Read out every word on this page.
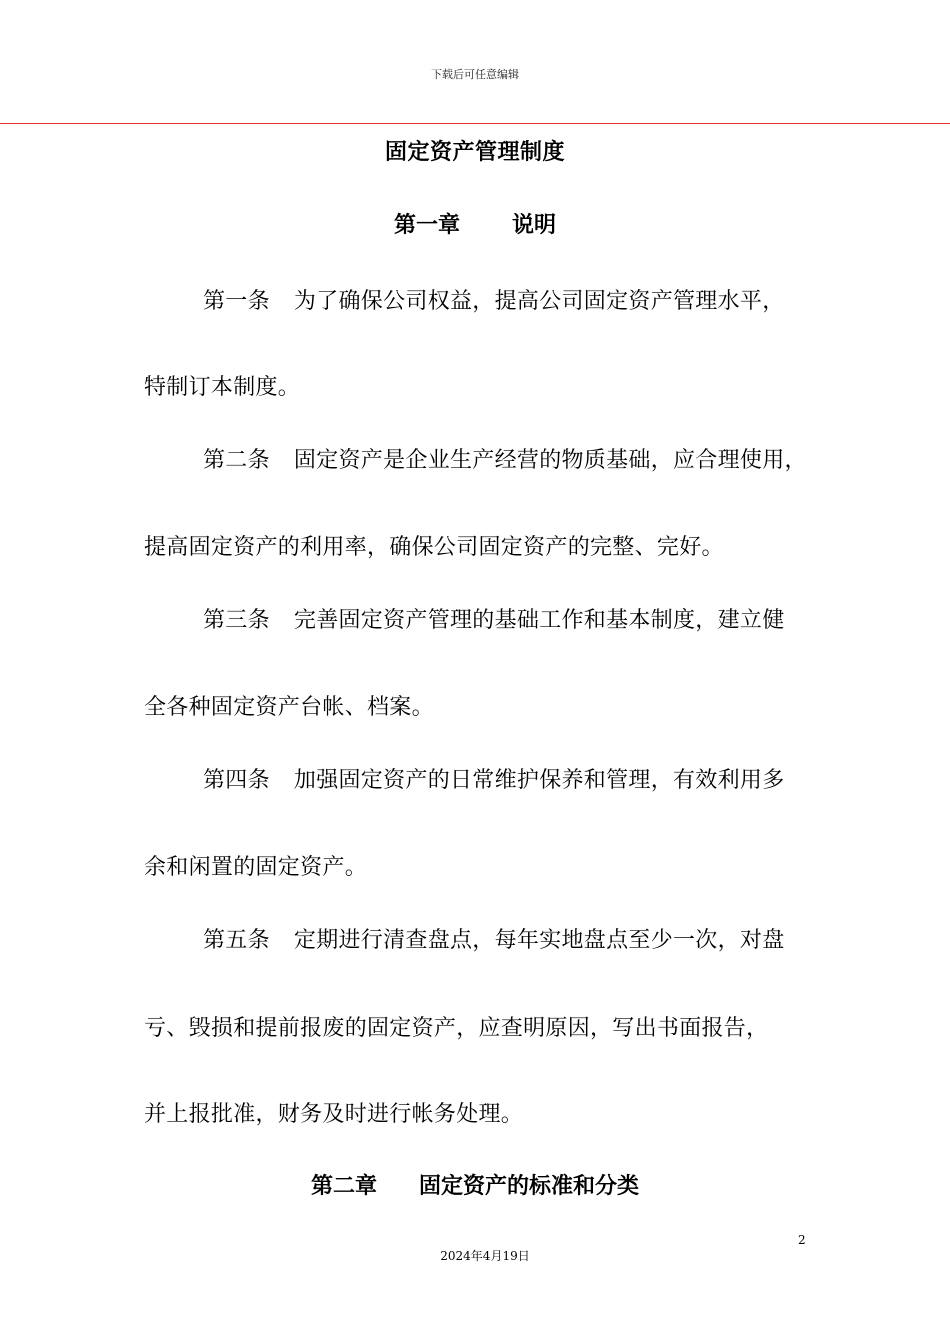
下载后可任意编辑
固定资产管理制度
第一章 说明
第一条 为了确保公司权益，提高公司固定资产管理水平，
特制订本制度。
第二条 固定资产是企业生产经营的物质基础，应合理使用，
提高固定资产的利用率，确保公司固定资产的完整、完好。
第三条 完善固定资产管理的基础工作和基本制度，建立健
全各种固定资产台帐、档案。
第四条 加强固定资产的日常维护保养和管理，有效利用多
余和闲置的固定资产。
第五条 定期进行清查盘点，每年实地盘点至少一次，对盘
亏、毁损和提前报废的固定资产，应查明原因，写出书面报告，
并上报批准，财务及时进行帐务处理。
第二章 固定资产的标准和分类
2
2024年4月19日
